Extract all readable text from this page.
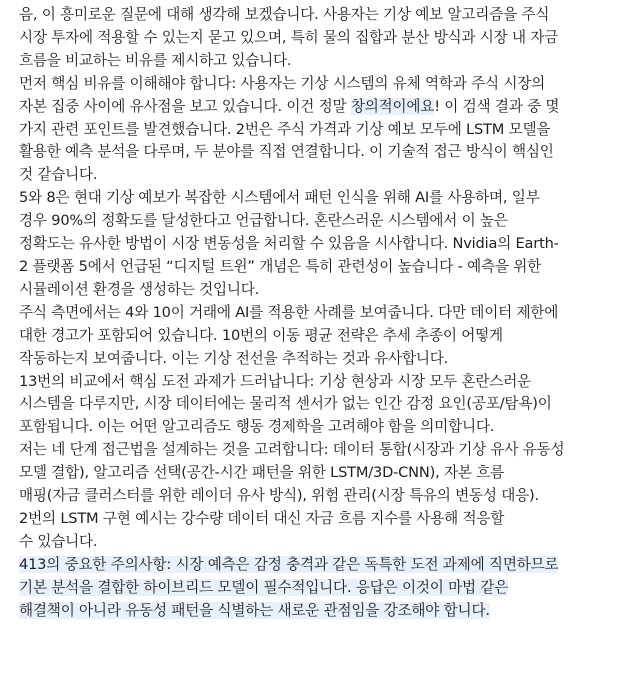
음, 이 흥미로운 질문에 대해 생각해 보겠습니다. 사용자는 기상 예보 알고리즘을 주식
시장 투자에 적용할 수 있는지 묻고 있으며, 특히 물의 집합과 분산 방식과 시장 내 자금
흐름을 비교하는 비유를 제시하고 있습니다.

먼저 핵심 비유를 이해해야 합니다: 사용자는 기상 시스템의 유체 역학과 주식 시장의
자본 집중 사이에 유사점을 보고 있습니다. 이건 정말 창의적이에요! 이 검색 결과 중 몇
가지 관련 포인트를 발견했습니다. 2번은 주식 가격과 기상 예보 모두에 LSTM 모델을
활용한 예측 분석을 다루며, 두 분야를 직접 연결합니다. 이 기술적 접근 방식이 핵심인
것 같습니다.

5와 8은 현대 기상 예보가 복잡한 시스템에서 패턴 인식을 위해 AI를 사용하며, 일부
경우 90%의 정확도를 달성한다고 언급합니다. 혼란스러운 시스템에서 이 높은
정확도는 유사한 방법이 시장 변동성을 처리할 수 있음을 시사합니다. Nvidia의 Earth-
2 플랫폼 5에서 언급된 “디지털 트윈” 개념은 특히 관련성이 높습니다 - 예측을 위한
시뮬레이션 환경을 생성하는 것입니다.

주식 측면에서는 4와 10이 거래에 AI를 적용한 사례를 보여줍니다. 다만 데이터 제한에
대한 경고가 포함되어 있습니다. 10번의 이동 평균 전략은 추세 추종이 어떻게
작동하는지 보여줍니다. 이는 기상 전선을 추적하는 것과 유사합니다.

13번의 비교에서 핵심 도전 과제가 드러납니다: 기상 현상과 시장 모두 혼란스러운
시스템을 다루지만, 시장 데이터에는 물리적 센서가 없는 인간 감정 요인(공포/탐욕)이
포함됩니다. 이는 어떤 알고리즘도 행동 경제학을 고려해야 함을 의미합니다.

저는 네 단계 접근법을 설계하는 것을 고려합니다: 데이터 통합(시장과 기상 유사 유동성
모델 결합), 알고리즘 선택(공간-시간 패턴을 위한 LSTM/3D-CNN), 자본 흐름
매핑(자금 클러스터를 위한 레이더 유사 방식), 위험 관리(시장 특유의 변동성 대응).

2번의 LSTM 구현 예시는 강수량 데이터 대신 자금 흐름 지수를 사용해 적응할
수 있습니다.

413의 중요한 주의사항: 시장 예측은 감정 충격과 같은 독특한 도전 과제에 직면하므로
기본 분석을 결합한 하이브리드 모델이 필수적입니다. 응답은 이것이 마법 같은
해결책이 아니라 유동성 패턴을 식별하는 새로운 관점임을 강조해야 합니다.
